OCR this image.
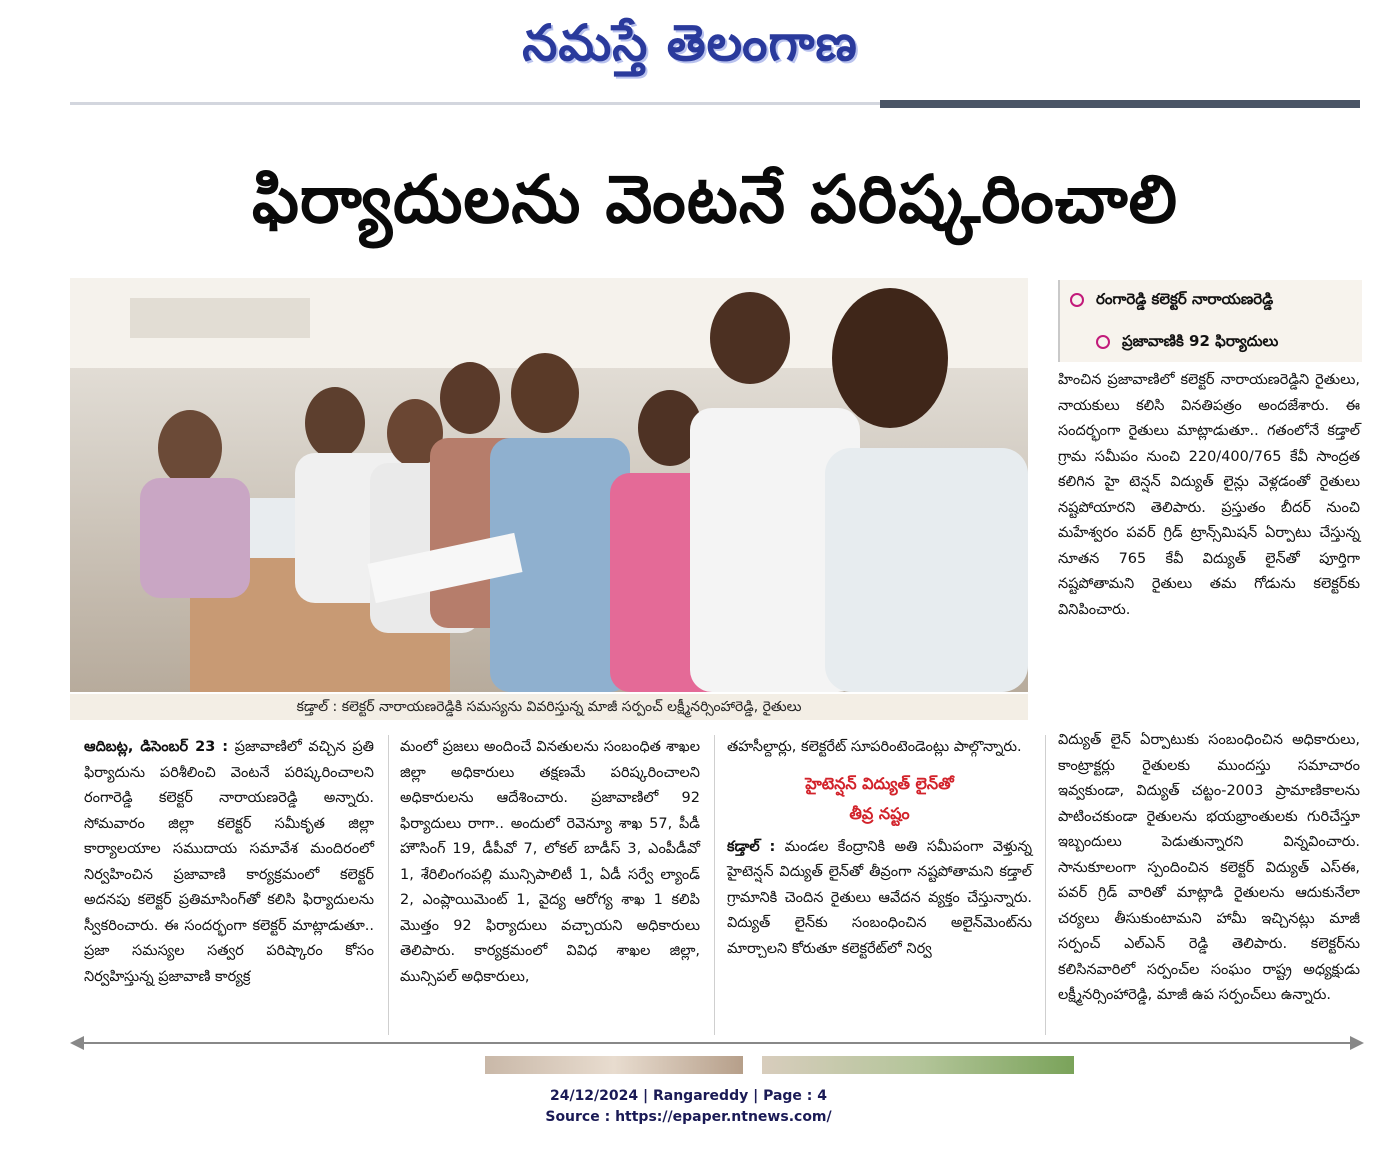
నమస్తే తెలంగాణ
ఫిర్యాదులను వెంటనే పరిష్కరించాలి
కడ్తాల్ : కలెక్టర్ నారాయణరెడ్డికి సమస్యను వివరిస్తున్న మాజీ సర్పంచ్ లక్ష్మీనర్సింహారెడ్డి, రైతులు
రంగారెడ్డి కలెక్టర్ నారాయణరెడ్డి
ప్రజావాణికి 92 ఫిర్యాదులు

హించిన ప్రజావాణిలో కలెక్టర్ నారాయణరెడ్డిని రైతులు, నాయకులు కలిసి వినతిపత్రం అందజేశారు. ఈ సందర్భంగా రైతులు మాట్లాడుతూ.. గతంలోనే కడ్తాల్ గ్రామ సమీపం నుంచి 220/400/765 కేవీ సాంద్రత కలిగిన హై టెన్షన్ విద్యుత్ లైన్లు వెళ్లడంతో రైతులు నష్టపోయారని తెలిపారు. ప్రస్తుతం బీదర్ నుంచి మహేశ్వరం పవర్ గ్రిడ్ ట్రాన్స్‌మిషన్ ఏర్పాటు చేస్తున్న నూతన 765 కేవీ విద్యుత్ లైన్‌తో పూర్తిగా నష్టపోతామని రైతులు తమ గోడును కలెక్టర్‌కు వినిపించారు.

విద్యుత్ లైన్ ఏర్పాటుకు సంబంధించిన అధికారులు, కాంట్రాక్టర్లు రైతులకు ముందస్తు సమాచారం ఇవ్వకుండా, విద్యుత్ చట్టం-2003 ప్రామాణికాలను పాటించకుండా రైతులను భయభ్రాంతులకు గురిచేస్తూ ఇబ్బందులు పెడుతున్నారని విన్నవించారు. సానుకూలంగా స్పందించిన కలెక్టర్ విద్యుత్ ఎస్ఈ, పవర్ గ్రిడ్ వారితో మాట్లాడి రైతులను ఆదుకునేలా చర్యలు తీసుకుంటామని హామీ ఇచ్చినట్లు మాజీ సర్పంచ్ ఎల్ఎన్ రెడ్డి తెలిపారు. కలెక్టర్‌ను కలిసినవారిలో సర్పంచ్‌ల సంఘం రాష్ట్ర అధ్యక్షుడు లక్ష్మీనర్సింహారెడ్డి, మాజీ ఉప సర్పంచ్‌లు ఉన్నారు.

ఆదిబట్ల, డిసెంబర్ 23 : ప్రజావాణిలో వచ్చిన ప్రతి ఫిర్యాదును పరిశీలించి వెంటనే పరిష్కరించాలని రంగారెడ్డి కలెక్టర్ నారాయణరెడ్డి అన్నారు. సోమవారం జిల్లా కలెక్టర్ సమీకృత జిల్లా కార్యాలయాల సముదాయ సమావేశ మందిరంలో నిర్వహించిన ప్రజావాణి కార్యక్రమంలో కలెక్టర్ అదనపు కలెక్టర్ ప్రతిమాసింగ్‌తో కలిసి ఫిర్యాదులను స్వీకరించారు. ఈ సందర్భంగా కలెక్టర్ మాట్లాడుతూ.. ప్రజా సమస్యల సత్వర పరిష్కారం కోసం నిర్వహిస్తున్న ప్రజావాణి కార్యక్ర

మంలో ప్రజలు అందించే వినతులను సంబంధిత శాఖల జిల్లా అధికారులు తక్షణమే పరిష్కరించాలని అధికారులను ఆదేశించారు. ప్రజావాణిలో 92 ఫిర్యాదులు రాగా.. అందులో రెవెన్యూ శాఖ 57, పీడీ హౌసింగ్ 19, డీపీవో 7, లోకల్ బాడీస్ 3, ఎంపీడీవో 1, శేరిలింగంపల్లి మున్సిపాలిటీ 1, ఏడీ సర్వే ల్యాండ్ 2, ఎంప్లాయిమెంట్ 1, వైద్య ఆరోగ్య శాఖ 1 కలిపి మొత్తం 92 ఫిర్యాదులు వచ్చాయని అధికారులు తెలిపారు. కార్యక్రమంలో వివిధ శాఖల జిల్లా, మున్సిపల్ అధికారులు,

తహసీల్దార్లు, కలెక్టరేట్ సూపరింటెండెంట్లు పాల్గొన్నారు.

హైటెన్షన్ విద్యుత్ లైన్‌తో
తీవ్ర నష్టం

కడ్తాల్ : మండల కేంద్రానికి అతి సమీపంగా వెళ్తున్న హైటెన్షన్ విద్యుత్ లైన్‌తో తీవ్రంగా నష్టపోతామని కడ్తాల్ గ్రామానికి చెందిన రైతులు ఆవేదన వ్యక్తం చేస్తున్నారు. విద్యుత్ లైన్‌కు సంబంధించిన అలైన్‌మెంట్‌ను మార్చాలని కోరుతూ కలెక్టరేట్‌లో నిర్వ

24/12/2024 | Rangareddy | Page : 4
Source : https://epaper.ntnews.com/
